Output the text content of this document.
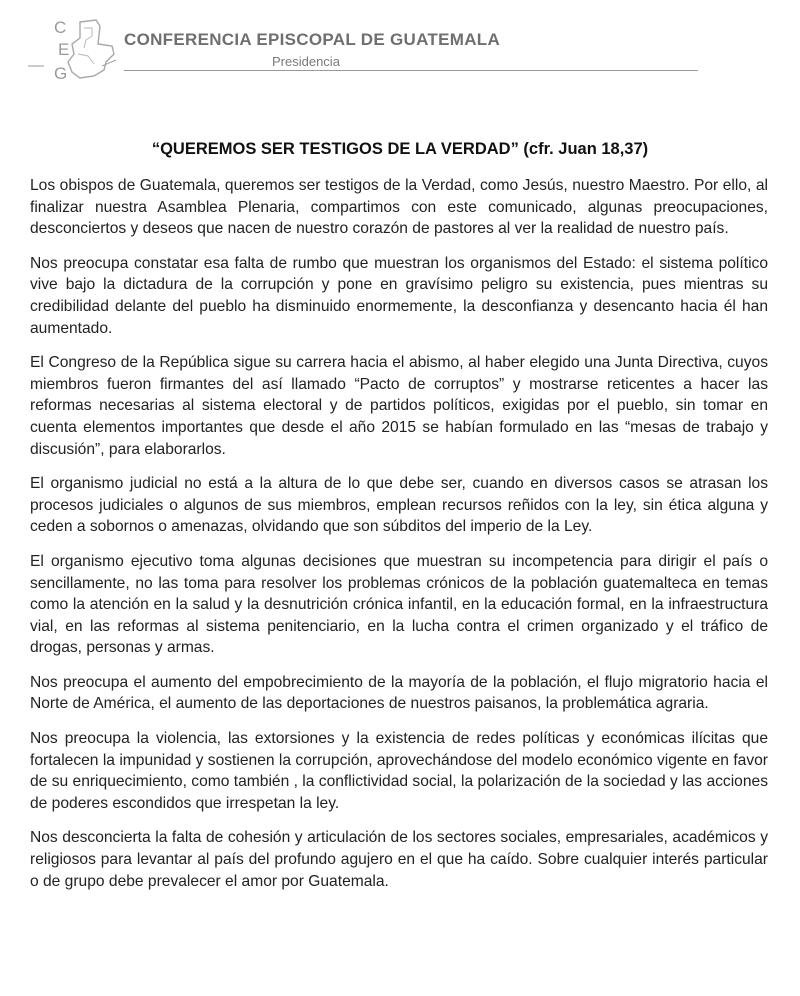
C
E
G
CONFERENCIA EPISCOPAL DE GUATEMALA
Presidencia
“QUEREMOS SER TESTIGOS DE LA VERDAD” (cfr. Juan 18,37)

Los obispos de Guatemala, queremos ser testigos de la Verdad, como Jesús, nuestro Maestro. Por ello, al finalizar nuestra Asamblea Plenaria, compartimos con este comunicado, algunas preocupaciones, desconciertos y deseos que nacen de nuestro corazón de pastores al ver la realidad de nuestro país.

Nos preocupa constatar esa falta de rumbo que muestran los organismos del Estado: el sistema político vive bajo la dictadura de la corrupción y pone en gravísimo peligro su existencia, pues mientras su credibilidad delante del pueblo ha disminuido enormemente, la desconfianza y desencanto hacia él han aumentado.

El Congreso de la República sigue su carrera hacia el abismo, al haber elegido una Junta Directiva, cuyos miembros fueron firmantes del así llamado “Pacto de corruptos” y mostrarse reticentes a hacer las reformas necesarias al sistema electoral y de partidos políticos, exigidas por el pueblo, sin tomar en cuenta elementos importantes que desde el año 2015 se habían formulado en las “mesas de trabajo y discusión”, para elaborarlos.

El organismo judicial no está a la altura de lo que debe ser, cuando en diversos casos se atrasan los procesos judiciales o algunos de sus miembros, emplean recursos reñidos con la ley, sin ética alguna y ceden a sobornos o amenazas, olvidando que son súbditos del imperio de la Ley.

El organismo ejecutivo toma algunas decisiones que muestran su incompetencia para dirigir el país o sencillamente, no las toma para resolver los problemas crónicos de la población guatemalteca en temas como la atención en la salud y la desnutrición crónica infantil, en la educación formal, en la infraestructura vial, en las reformas al sistema penitenciario, en la lucha contra el crimen organizado y el tráfico de drogas, personas y armas.

Nos preocupa el aumento del empobrecimiento de la mayoría de la población, el flujo migratorio hacia el Norte de América, el aumento de las deportaciones de nuestros paisanos, la problemática agraria.

Nos preocupa la violencia, las extorsiones y la existencia de redes políticas y económicas ilícitas que fortalecen la impunidad y sostienen la corrupción, aprovechándose del modelo económico vigente en favor de su enriquecimiento, como también , la conflictividad social, la polarización de la sociedad y las acciones de poderes escondidos que irrespetan la ley.

Nos desconcierta la falta de cohesión y articulación de los sectores sociales, empresariales, académicos y religiosos para levantar al país del profundo agujero en el que ha caído. Sobre cualquier interés particular o de grupo debe prevalecer el amor por Guatemala.
